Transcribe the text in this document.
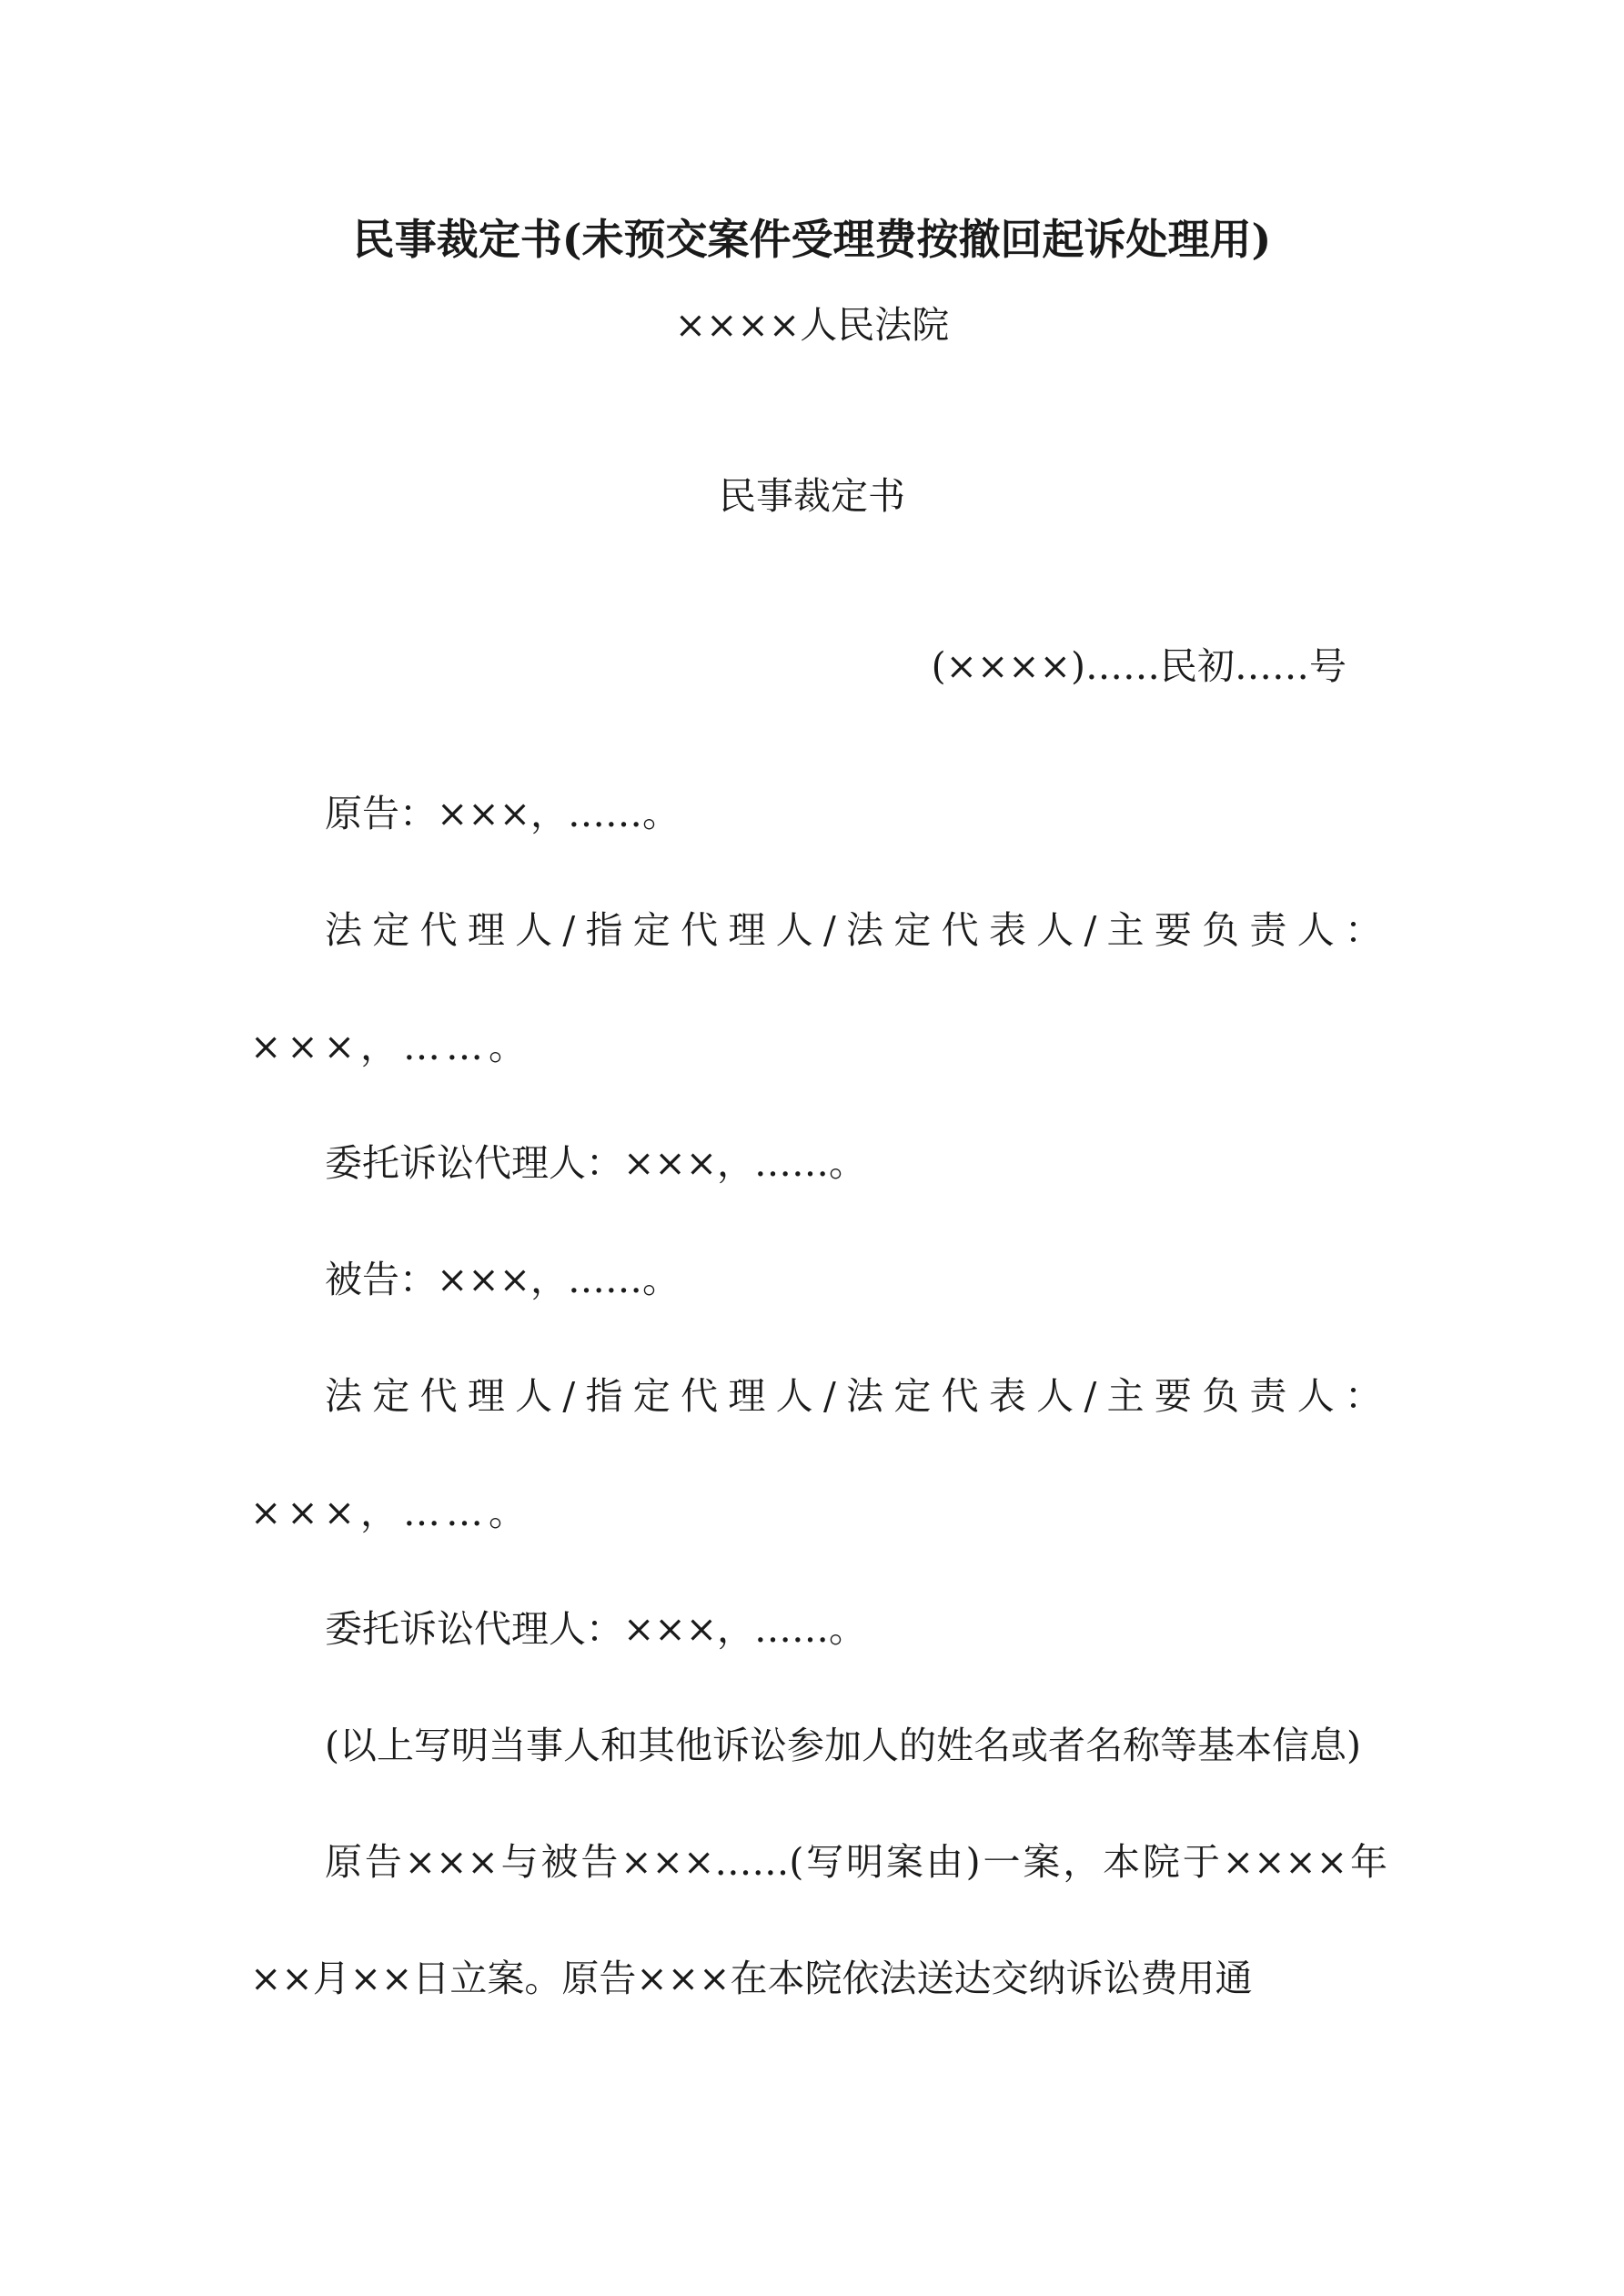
民事裁定书(未预交案件受理费按撤回起诉处理用)
××××人民法院
民事裁定书
(××××)……民初……号

原告：×××，……。

法定代理人/指定代理人/法定代表人/主要负责人：×××，……。

委托诉讼代理人：×××，……。

被告：×××，……。

法定代理人/指定代理人/法定代表人/主要负责人：×××，……。

委托诉讼代理人：×××，……。

(以上写明当事人和其他诉讼参加人的姓名或者名称等基本信息)

原告×××与被告×××……(写明案由)一案，本院于××××年××月××日立案。原告×××在本院依法送达交纳诉讼费用通
